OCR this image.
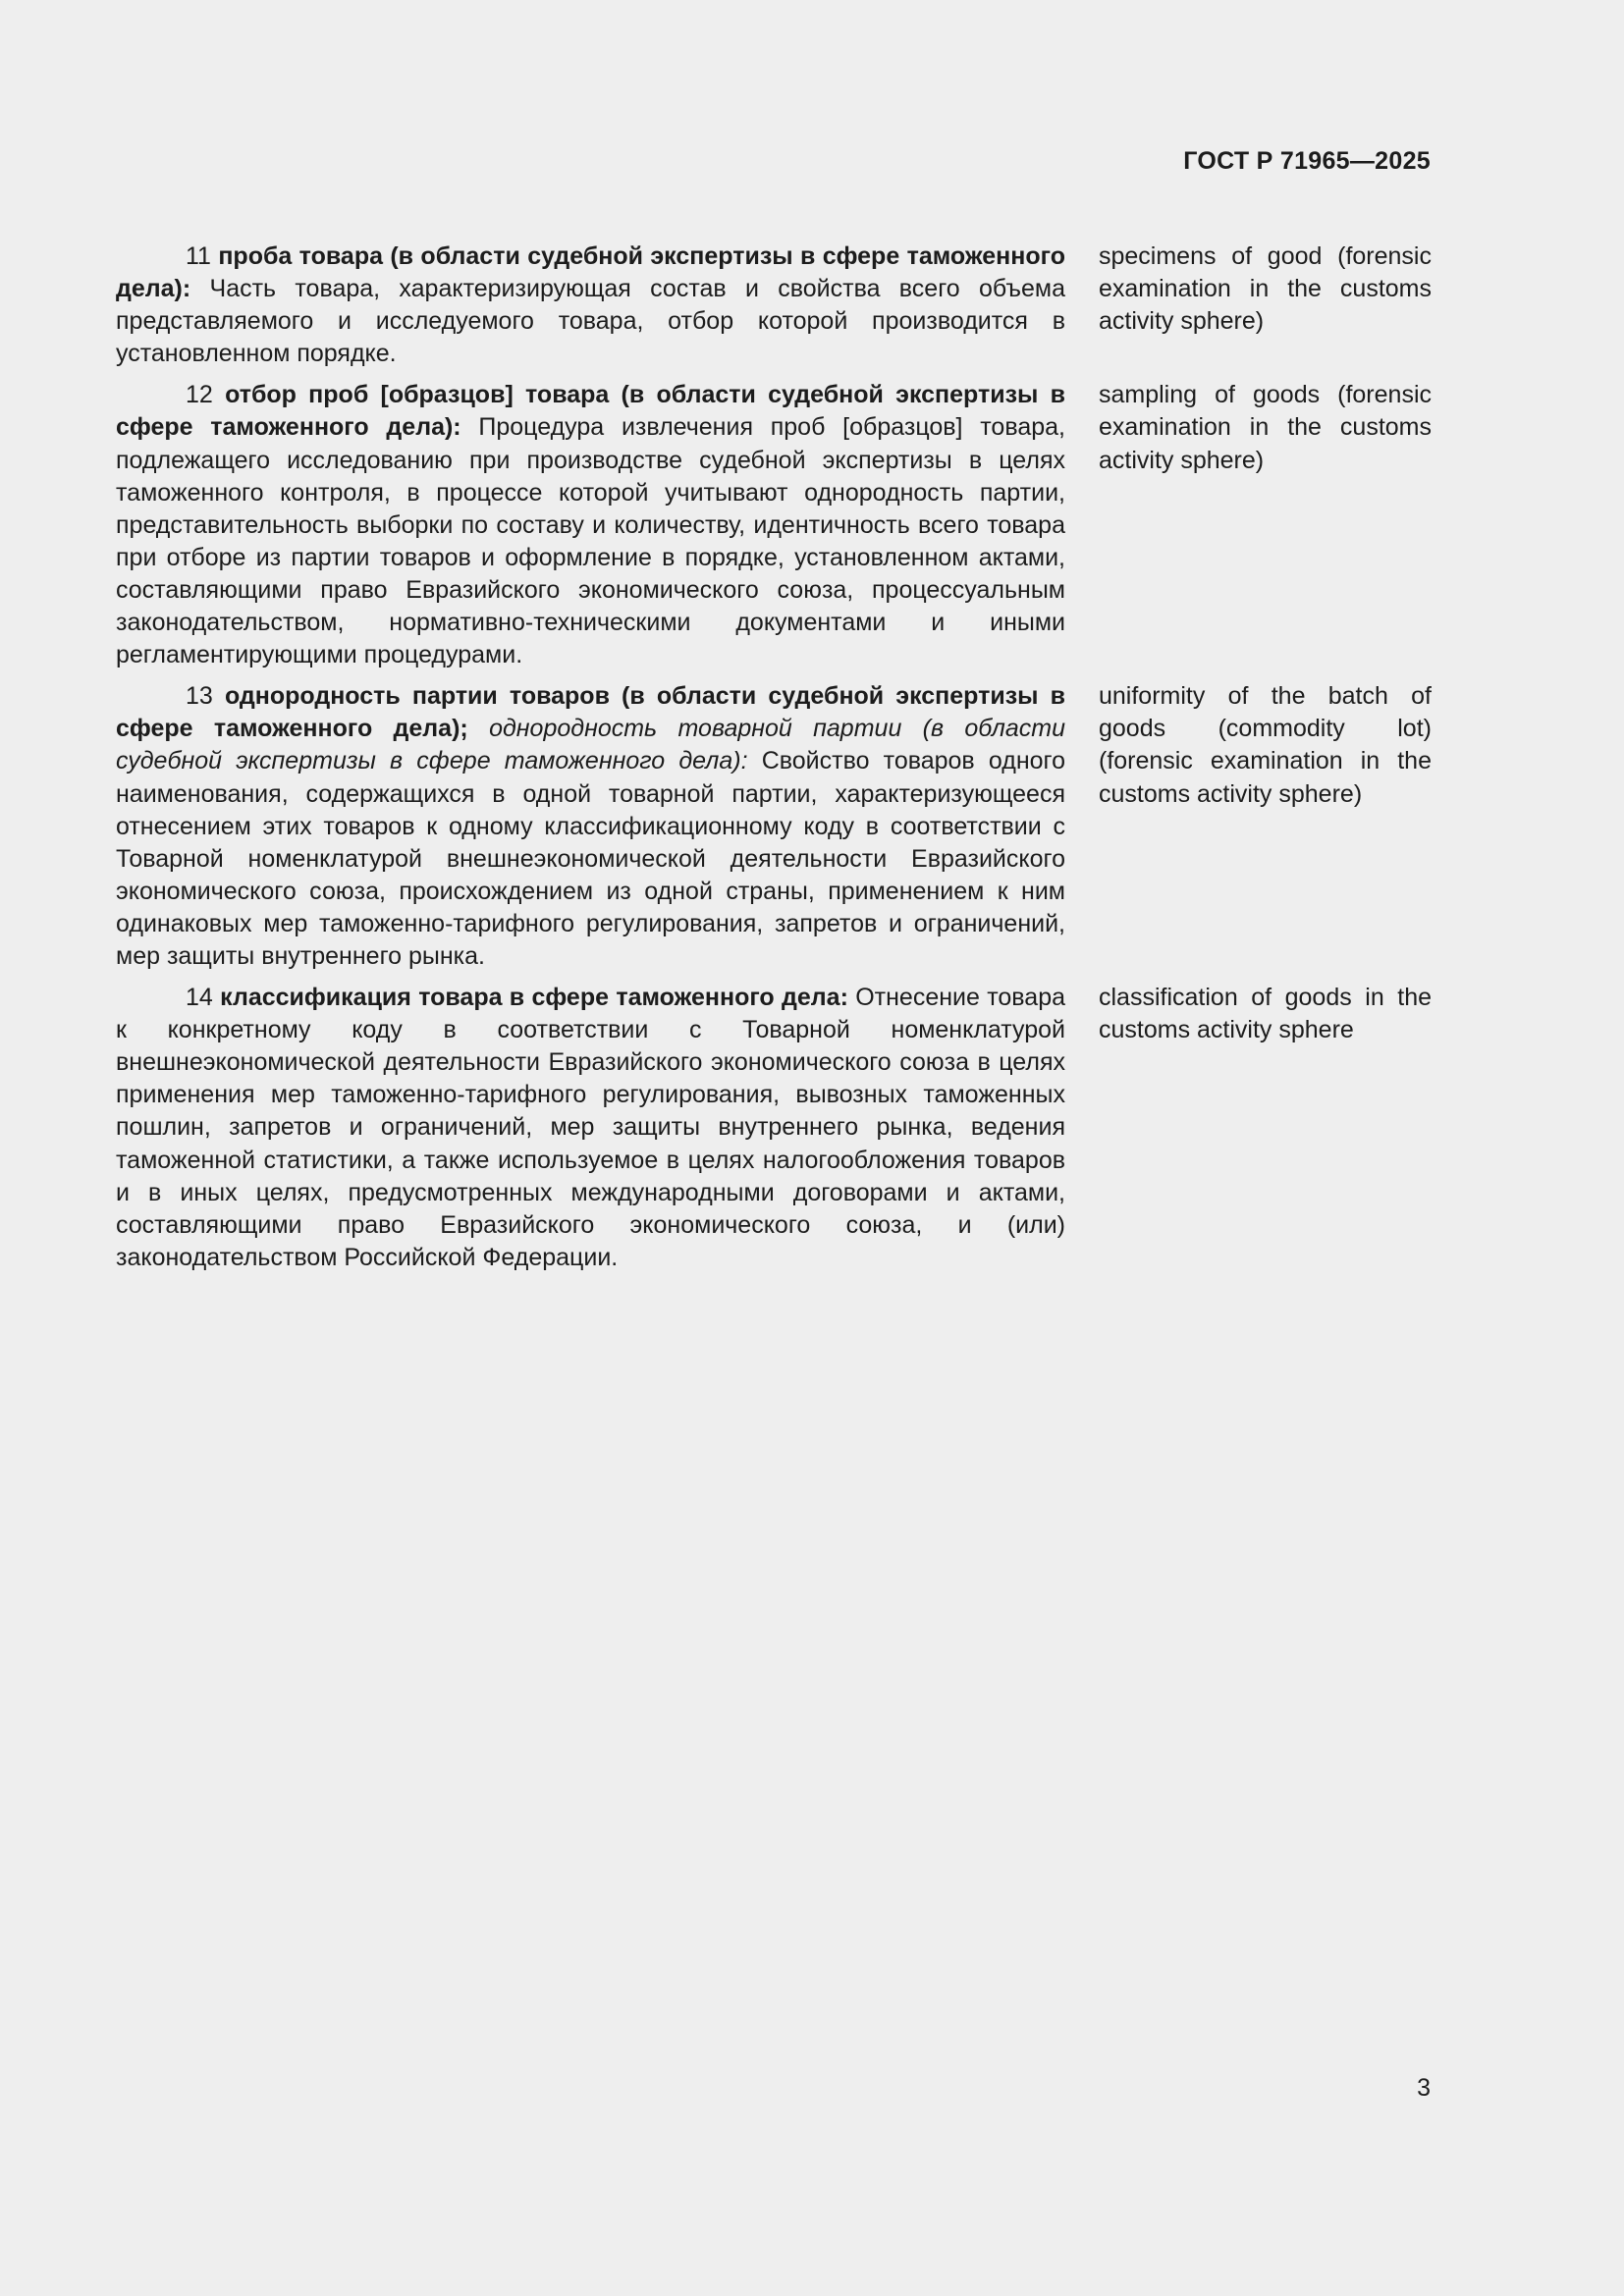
ГОСТ Р 71965—2025
11 проба товара (в области судебной экспертизы в сфере таможенного дела): Часть товара, характеризирующая состав и свойства всего объема представляемого и исследуемого товара, отбор которой производится в установленном порядке.
specimens of good (forensic examination in the customs activity sphere)
12 отбор проб [образцов] товара (в области судебной экспертизы в сфере таможенного дела): Процедура извлечения проб [образцов] товара, подлежащего исследованию при производстве судебной экспертизы в целях таможенного контроля, в процессе которой учитывают однородность партии, представительность выборки по составу и количеству, идентичность всего товара при отборе из партии товаров и оформление в порядке, установленном актами, составляющими право Евразийского экономического союза, процессуальным законодательством, нормативно-техническими документами и иными регламентирующими процедурами.
sampling of goods (forensic examination in the customs activity sphere)
13 однородность партии товаров (в области судебной экспертизы в сфере таможенного дела); однородность товарной партии (в области судебной экспертизы в сфере таможенного дела): Свойство товаров одного наименования, содержащихся в одной товарной партии, характеризующееся отнесением этих товаров к одному классификационному коду в соответствии с Товарной номенклатурой внешнеэкономической деятельности Евразийского экономического союза, происхождением из одной страны, применением к ним одинаковых мер таможенно-тарифного регулирования, запретов и ограничений, мер защиты внутреннего рынка.
uniformity of the batch of goods (commodity lot) (forensic examination in the customs activity sphere)
14 классификация товара в сфере таможенного дела: Отнесение товара к конкретному коду в соответствии с Товарной номенклатурой внешнеэкономической деятельности Евразийского экономического союза в целях применения мер таможенно-тарифного регулирования, вывозных таможенных пошлин, запретов и ограничений, мер защиты внутреннего рынка, ведения таможенной статистики, а также используемое в целях налогообложения товаров и в иных целях, предусмотренных международными договорами и актами, составляющими право Евразийского экономического союза, и (или) законодательством Российской Федерации.
classification of goods in the customs activity sphere
3
